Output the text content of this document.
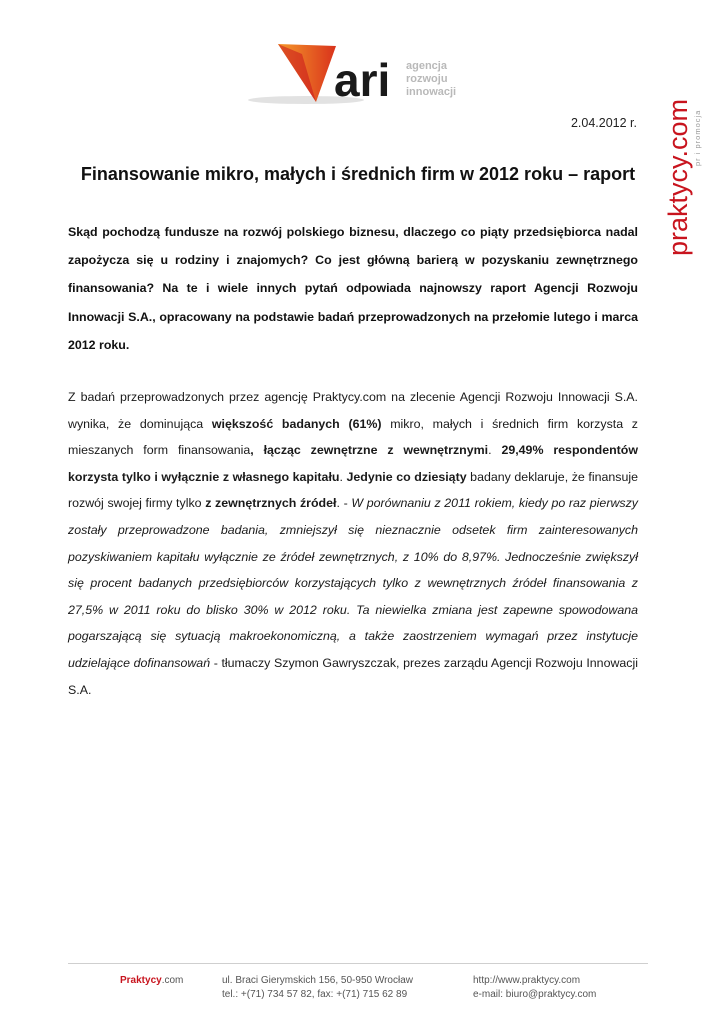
ari agencja
rozwoju
innowacji
praktycy.com pr i promocja
2.04.2012 r.
Finansowanie mikro, małych i średnich firm w 2012 roku – raport

Skąd pochodzą fundusze na rozwój polskiego biznesu, dlaczego co piąty przedsiębiorca nadal zapożycza się u rodziny i znajomych? Co jest główną barierą w pozyskaniu zewnętrznego finansowania? Na te i wiele innych pytań odpowiada najnowszy raport Agencji Rozwoju Innowacji S.A., opracowany na podstawie badań przeprowadzonych na przełomie lutego i marca 2012 roku.

Z badań przeprowadzonych przez agencję Praktycy.com na zlecenie Agencji Rozwoju Innowacji S.A. wynika, że dominująca większość badanych (61%) mikro, małych i średnich firm korzysta z mieszanych form finansowania, łącząc zewnętrzne z wewnętrznymi. 29,49% respondentów korzysta tylko i wyłącznie z własnego kapitału. Jedynie co dziesiąty badany deklaruje, że finansuje rozwój swojej firmy tylko z zewnętrznych źródeł. - W porównaniu z 2011 rokiem, kiedy po raz pierwszy zostały przeprowadzone badania, zmniejszył się nieznacznie odsetek firm zainteresowanych pozyskiwaniem kapitału wyłącznie ze źródeł zewnętrznych, z 10% do 8,97%. Jednocześnie zwiększył się procent badanych przedsiębiorców korzystających tylko z wewnętrznych źródeł finansowania z 27,5% w 2011 roku do blisko 30% w 2012 roku. Ta niewielka zmiana jest zapewne spowodowana pogarszającą się sytuacją makroekonomiczną, a także zaostrzeniem wymagań przez instytucje udzielające dofinansowań - tłumaczy Szymon Gawryszczak, prezes zarządu Agencji Rozwoju Innowacji S.A.

Praktycy.com	ul. Braci Gierymskich 156, 50-950 Wrocław
tel.: +(71) 734 57 82, fax: +(71) 715 62 89
http://www.praktycy.com
e-mail: biuro@praktycy.com
